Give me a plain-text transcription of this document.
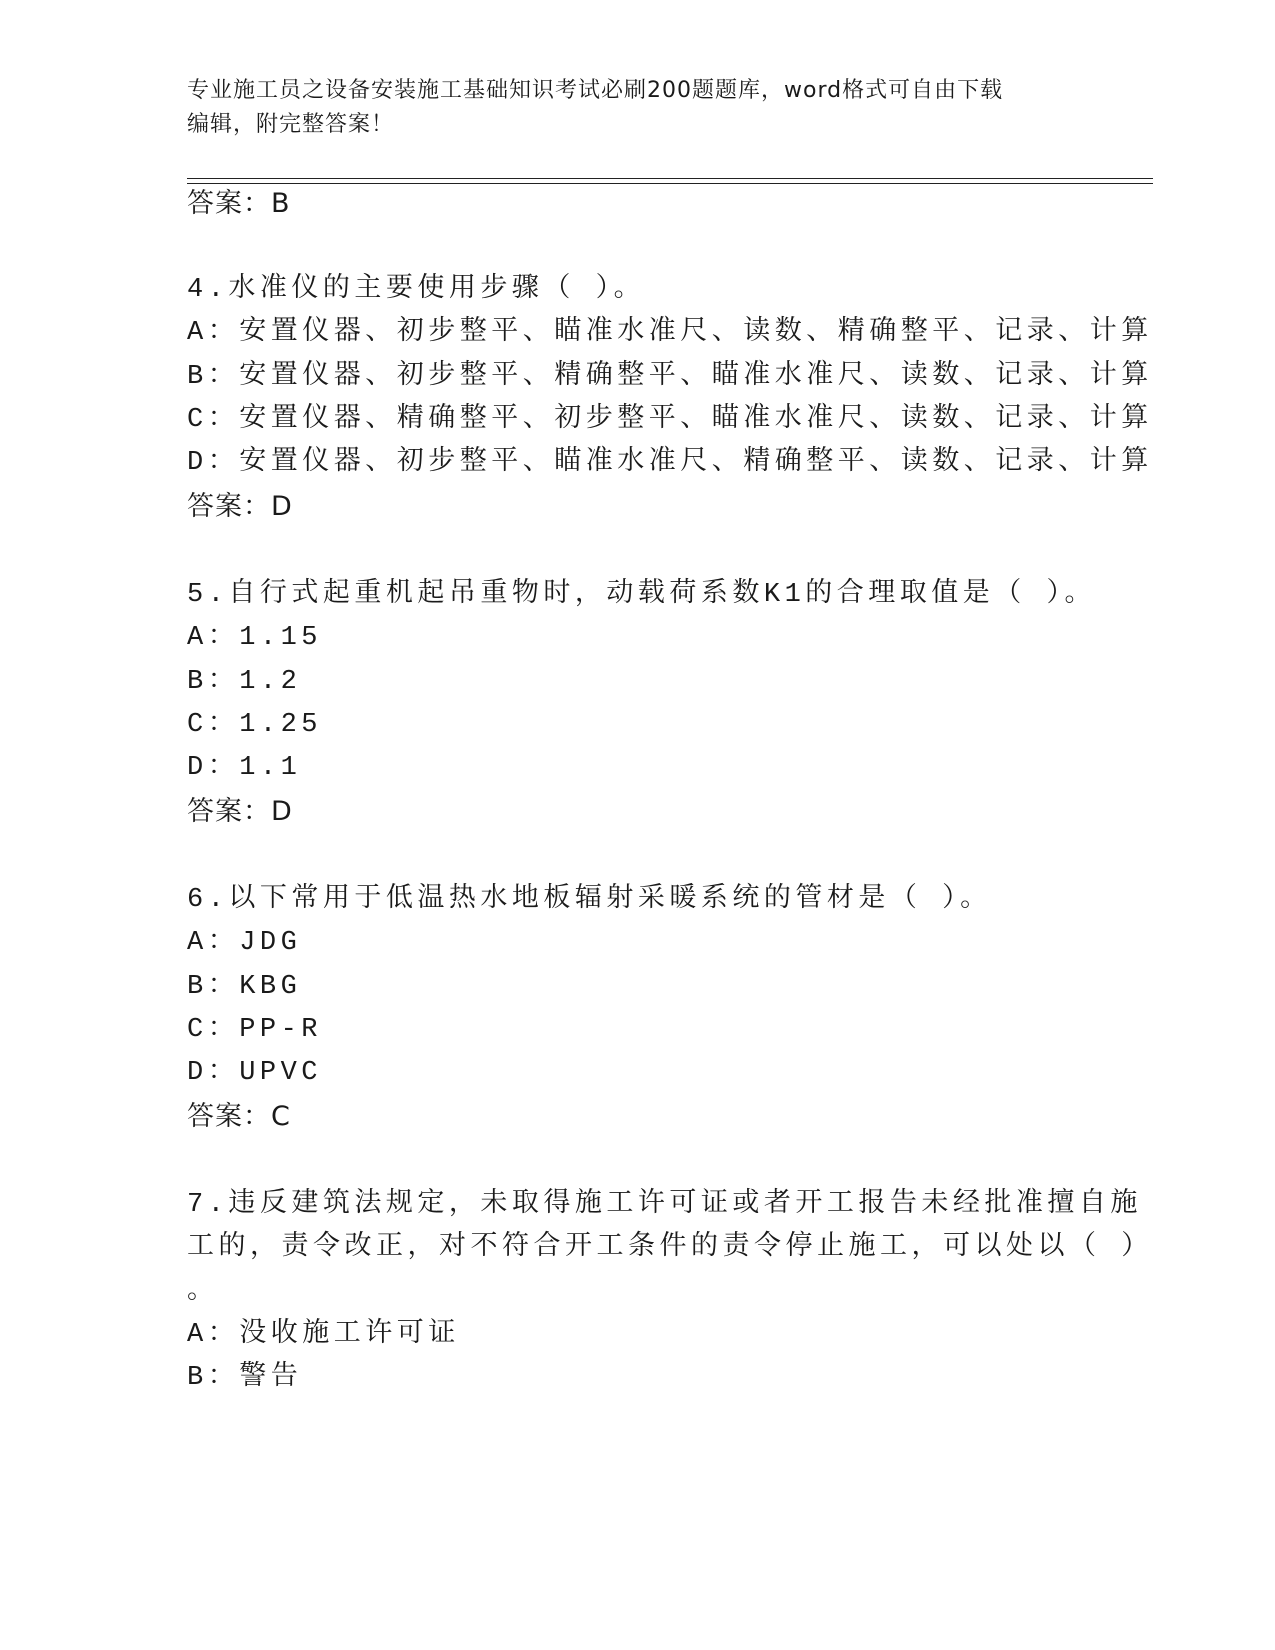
专业施工员之设备安装施工基础知识考试必刷200题题库，word格式可自由下载
编辑，附完整答案！
答案：B
4.水准仪的主要使用步骤（ ）。
A：安置仪器、初步整平、瞄准水准尺、读数、精确整平、记录、计算
B：安置仪器、初步整平、精确整平、瞄准水准尺、读数、记录、计算
C：安置仪器、精确整平、初步整平、瞄准水准尺、读数、记录、计算
D：安置仪器、初步整平、瞄准水准尺、精确整平、读数、记录、计算
答案：D
5.自行式起重机起吊重物时，动载荷系数K1的合理取值是（ ）。
A：1.15
B：1.2
C：1.25
D：1.1
答案：D
6.以下常用于低温热水地板辐射采暖系统的管材是（ ）。
A：JDG
B：KBG
C：PP-R
D：UPVC
答案：C
7.违反建筑法规定，未取得施工许可证或者开工报告未经批准擅自施
工的，责令改正，对不符合开工条件的责令停止施工，可以处以（ ）
。
A：没收施工许可证
B：警告
